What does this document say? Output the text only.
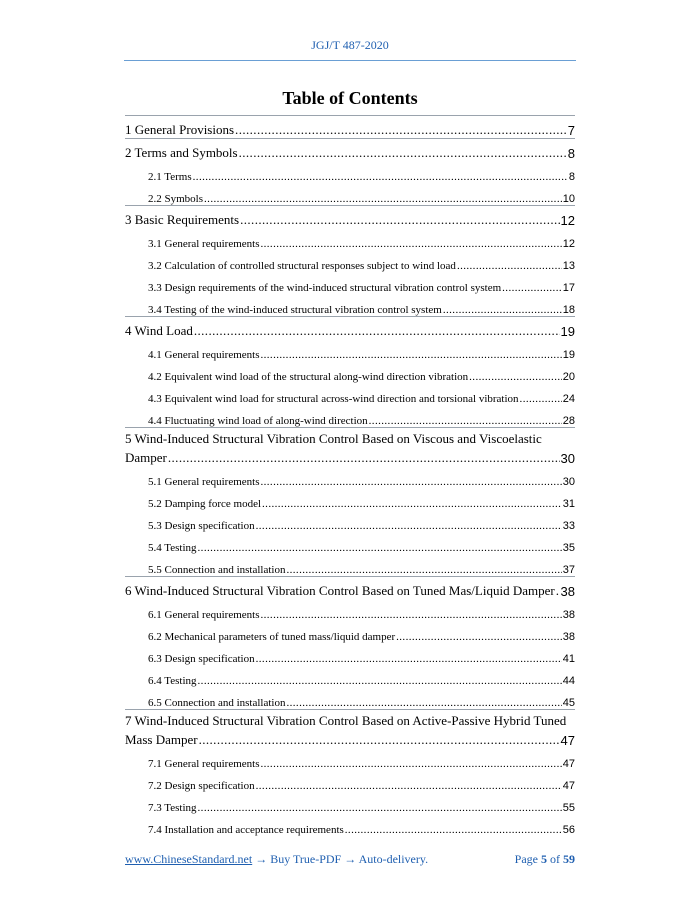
JGJ/T 487-2020
Table of Contents
1 General Provisions .....	7
2 Terms and Symbols .....	8
2.1 Terms .....	8
2.2 Symbols .....	10
3 Basic Requirements .....	12
3.1 General requirements .....	12
3.2 Calculation of controlled structural responses subject to wind load .....	13
3.3 Design requirements of the wind-induced structural vibration control system .....	17
3.4 Testing of the wind-induced structural vibration control system .....	18
4 Wind Load .....	19
4.1 General requirements .....	19
4.2 Equivalent wind load of the structural along-wind direction vibration .....	20
4.3 Equivalent wind load for structural across-wind direction and torsional vibration .....	24
4.4 Fluctuating wind load of along-wind direction .....	28
5 Wind-Induced Structural Vibration Control Based on Viscous and Viscoelastic
Damper .....	30
5.1 General requirements .....	30
5.2 Damping force model .....	31
5.3 Design specification .....	33
5.4 Testing .....	35
5.5 Connection and installation .....	37
6 Wind-Induced Structural Vibration Control Based on Tuned Mas/Liquid Damper ..... 38
6.1 General requirements .....	38
6.2 Mechanical parameters of tuned mass/liquid damper .....	38
6.3 Design specification .....	41
6.4 Testing .....	44
6.5 Connection and installation .....	45
7 Wind-Induced Structural Vibration Control Based on Active-Passive Hybrid Tuned
Mass Damper .....	47
7.1 General requirements .....	47
7.2 Design specification .....	47
7.3 Testing .....	55
7.4 Installation and acceptance requirements .....	56
www.ChineseStandard.net → Buy True-PDF → Auto-delivery.	Page 5 of 59
